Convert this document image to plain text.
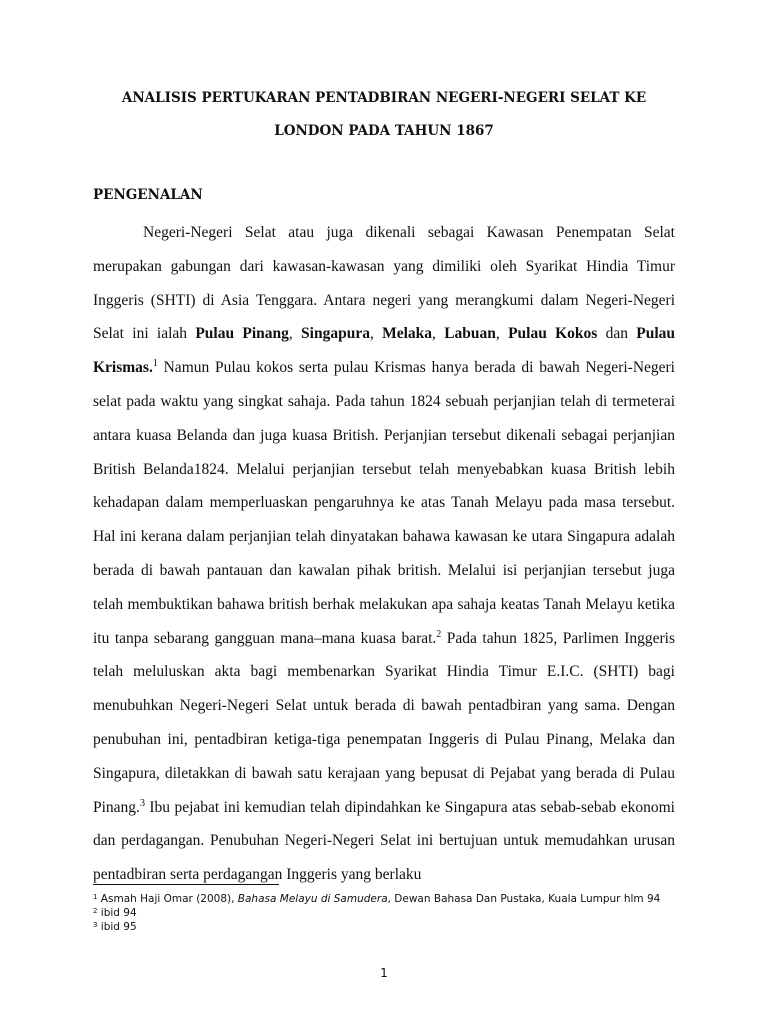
ANALISIS PERTUKARAN PENTADBIRAN NEGERI-NEGERI SELAT KE
LONDON PADA TAHUN 1867
PENGENALAN

Negeri-Negeri Selat atau juga dikenali sebagai Kawasan Penempatan Selat merupakan gabungan dari kawasan-kawasan yang dimiliki oleh Syarikat Hindia Timur Inggeris (SHTI) di Asia Tenggara. Antara negeri yang merangkumi dalam Negeri-Negeri Selat ini ialah Pulau Pinang, Singapura, Melaka, Labuan, Pulau Kokos dan Pulau Krismas.$^1$ Namun Pulau kokos serta pulau Krismas hanya berada di bawah Negeri-Negeri selat pada waktu yang singkat sahaja. Pada tahun 1824 sebuah perjanjian telah di termeterai antara kuasa Belanda dan juga kuasa British. Perjanjian tersebut dikenali sebagai perjanjian British Belanda1824. Melalui perjanjian tersebut telah menyebabkan kuasa British lebih kehadapan dalam memperluaskan pengaruhnya ke atas Tanah Melayu pada masa tersebut. Hal ini kerana dalam perjanjian telah dinyatakan bahawa kawasan ke utara Singapura adalah berada di bawah pantauan dan kawalan pihak british. Melalui isi perjanjian tersebut juga telah membuktikan bahawa british berhak melakukan apa sahaja keatas Tanah Melayu ketika itu tanpa sebarang gangguan mana–mana kuasa barat.$^2$ Pada tahun 1825, Parlimen Inggeris telah meluluskan akta bagi membenarkan Syarikat Hindia Timur E.I.C. (SHTI) bagi menubuhkan Negeri-Negeri Selat untuk berada di bawah pentadbiran yang sama. Dengan penubuhan ini, pentadbiran ketiga-tiga penempatan Inggeris di Pulau Pinang, Melaka dan Singapura, diletakkan di bawah satu kerajaan yang bepusat di Pejabat yang berada di Pulau Pinang.$^3$ Ibu pejabat ini kemudian telah dipindahkan ke Singapura atas sebab-sebab ekonomi dan perdagangan. Penubuhan Negeri-Negeri Selat ini bertujuan untuk memudahkan urusan pentadbiran serta perdagangan Inggeris yang berlaku

$^1$ Asmah Haji Omar (2008), Bahasa Melayu di Samudera, Dewan Bahasa Dan Pustaka, Kuala Lumpur hlm 94
$^2$ ibid 94
$^3$ ibid 95
1
